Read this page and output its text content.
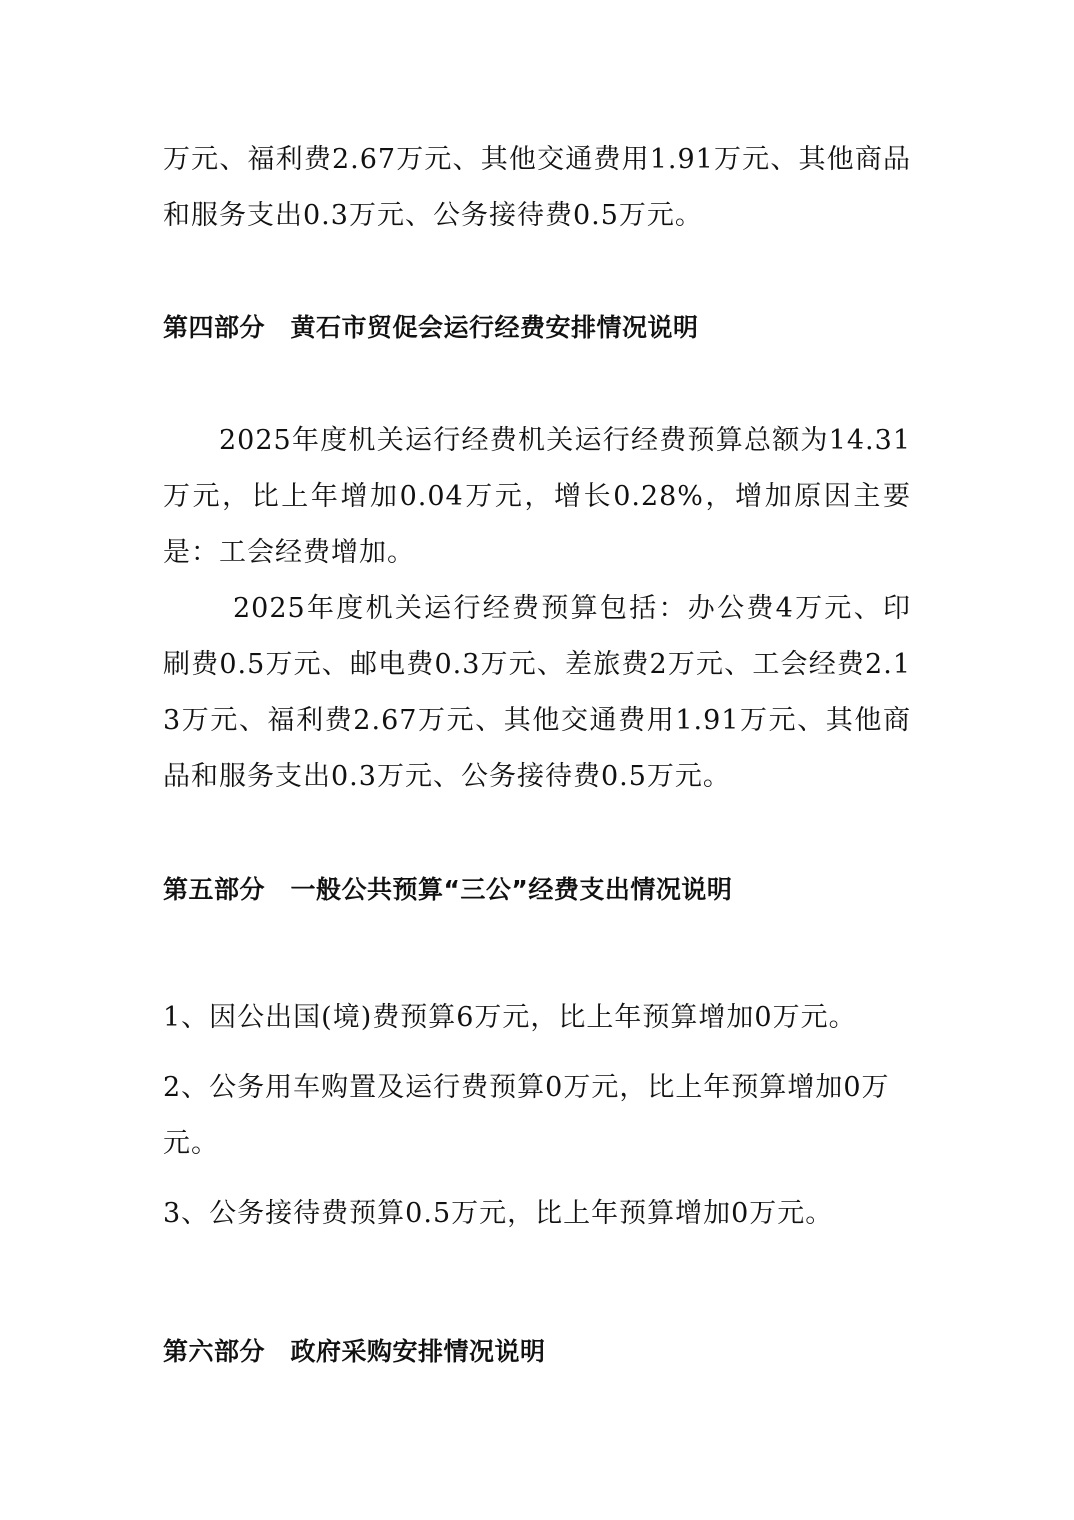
万元、福利费2.67万元、其他交通费用1.91万元、其他商品和服务支出0.3万元、公务接待费0.5万元。

第四部分　黄石市贸促会运行经费安排情况说明

2025年度机关运行经费机关运行经费预算总额为14.31万元，比上年增加0.04万元，增长0.28%，增加原因主要是：工会经费增加。

2025年度机关运行经费预算包括：办公费4万元、印刷费0.5万元、邮电费0.3万元、差旅费2万元、工会经费2.13万元、福利费2.67万元、其他交通费用1.91万元、其他商品和服务支出0.3万元、公务接待费0.5万元。

第五部分　一般公共预算“三公”经费支出情况说明

1、因公出国(境)费预算6万元，比上年预算增加0万元。

2、公务用车购置及运行费预算0万元，比上年预算增加0万元。

3、公务接待费预算0.5万元，比上年预算增加0万元。

第六部分　政府采购安排情况说明
